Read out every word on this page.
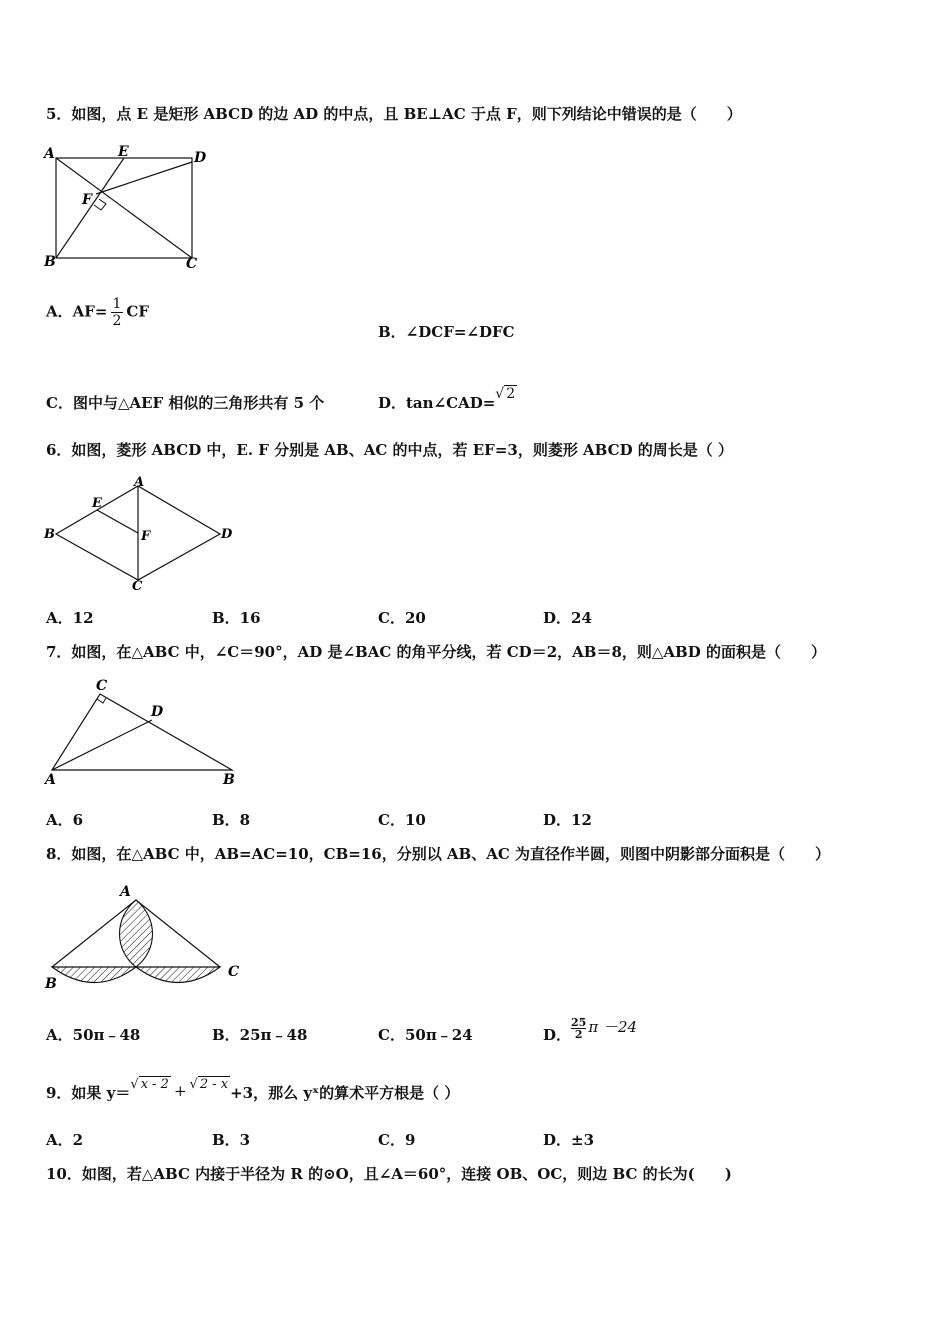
5．如图，点 E 是矩形 ABCD 的边 AD 的中点，且 BE⊥AC 于点 F，则下列结论中错误的是（　　）
A	E	D
F
B	C
A．$AF= \frac{1}{2}$ CF
B．∠DCF=∠DFC
C．图中与△AEF 相似的三角形共有 5 个	D．tan∠CAD=√ 2
6．如图，菱形 ABCD 中，E. F 分别是 AB、AC 的中点，若 EF=3，则菱形 ABCD 的周长是（ ）
A
E
B	F	D
C
A．12	B．16	C．20	D．24
7．如图，在△ABC 中，∠C＝90°，AD 是∠BAC 的角平分线，若 CD＝2，AB＝8，则△ABD 的面积是（　　）
C
D
A	B
A．6	B．8	C．10	D．12
8．如图，在△ABC 中，AB=AC=10，CB=16，分别以 AB、AC 为直径作半圆，则图中阴影部分面积是（　　）
A
B
C
A．50π﹣48	B．25π﹣48	C．50π﹣24	D． $\frac{25}{2}$ π －24
9．如果 y＝√ x - 2 + √ 2 - x +3，那么 yˣ的算术平方根是（ ）
A．2	B．3	C．9	D．±3
10．如图，若△ABC 内接于半径为 R 的⊙O，且∠A＝60°，连接 OB、OC，则边 BC 的长为(　　)
